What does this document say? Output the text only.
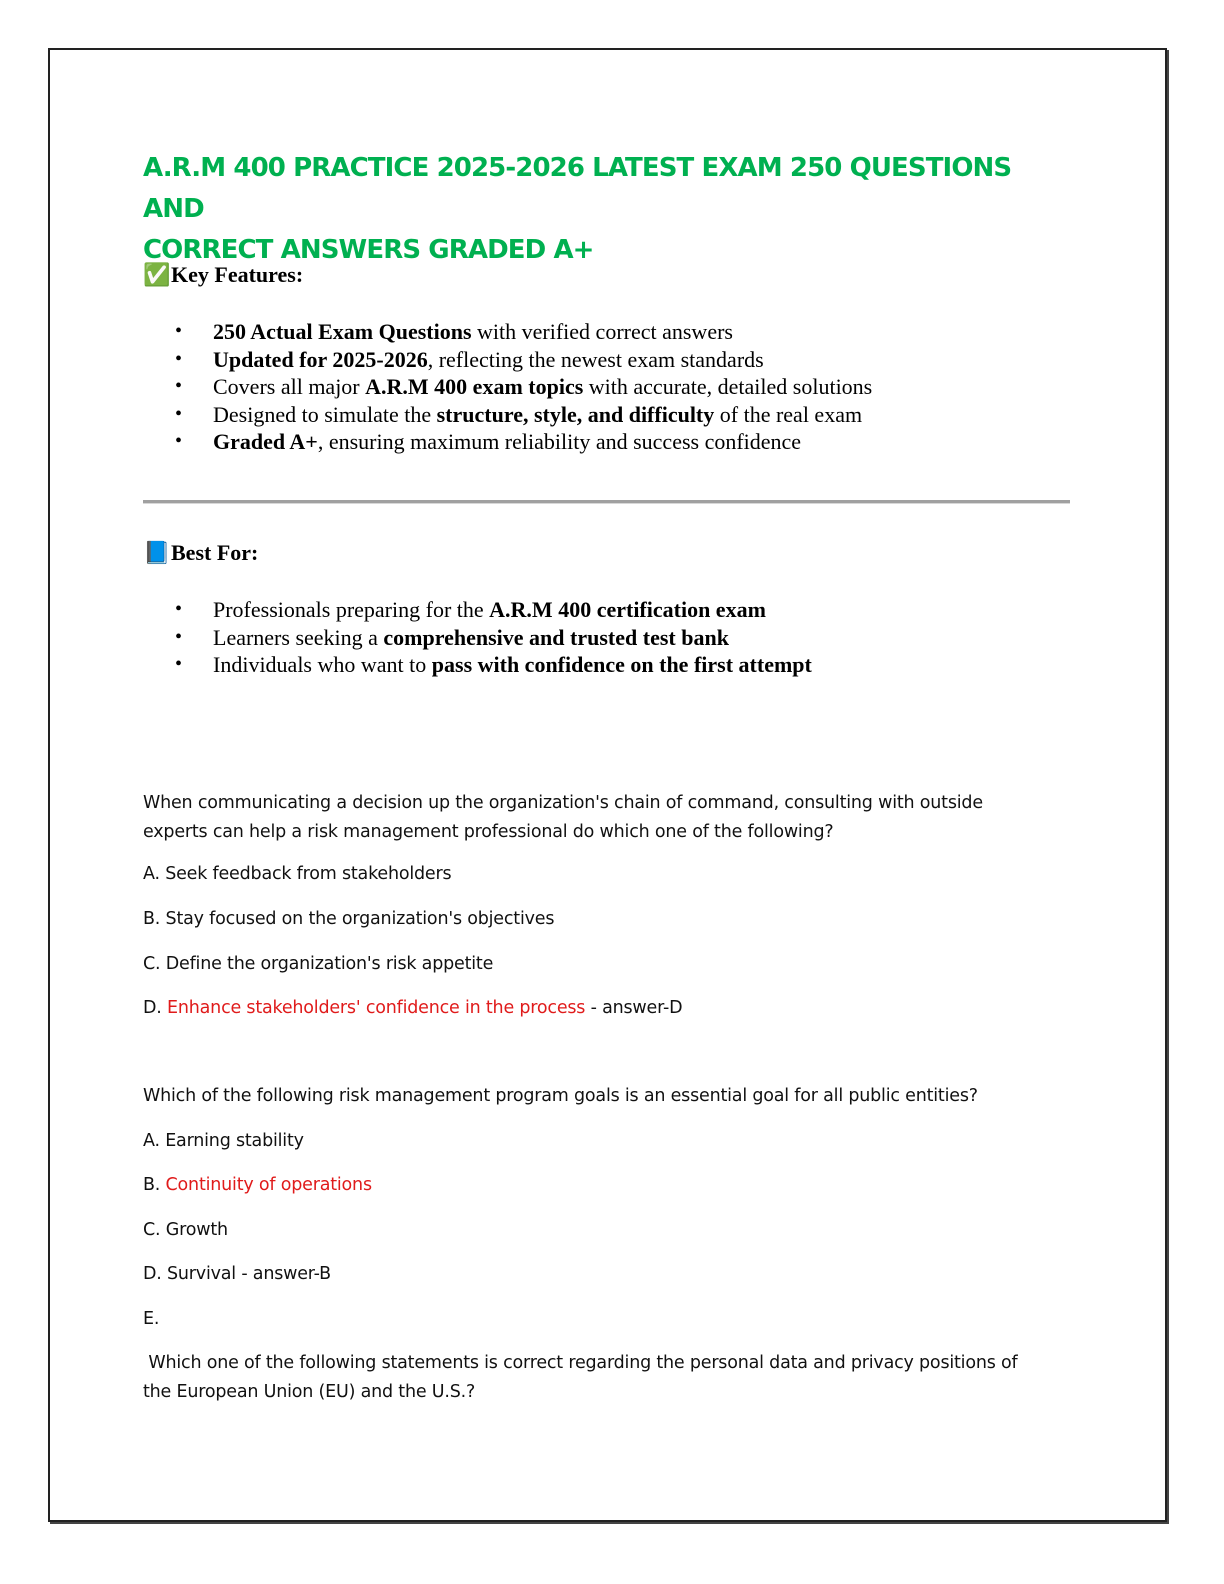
A.R.M 400 PRACTICE 2025-2026 LATEST EXAM 250 QUESTIONS AND
CORRECT ANSWERS GRADED A+
✅Key Features:
• 250 Actual Exam Questions with verified correct answers
• Updated for 2025-2026, reflecting the newest exam standards
• Covers all major A.R.M 400 exam topics with accurate, detailed solutions
• Designed to simulate the structure, style, and difficulty of the real exam
• Graded A+, ensuring maximum reliability and success confidence
📘Best For:
• Professionals preparing for the A.R.M 400 certification exam
• Learners seeking a comprehensive and trusted test bank
• Individuals who want to pass with confidence on the first attempt
When communicating a decision up the organization's chain of command, consulting with outside
experts can help a risk management professional do which one of the following?
A. Seek feedback from stakeholders
B. Stay focused on the organization's objectives
C. Define the organization's risk appetite
D. Enhance stakeholders' confidence in the process - answer-D
Which of the following risk management program goals is an essential goal for all public entities?
A. Earning stability
B. Continuity of operations
C. Growth
D. Survival - answer-B
E.
Which one of the following statements is correct regarding the personal data and privacy positions of
the European Union (EU) and the U.S.?
